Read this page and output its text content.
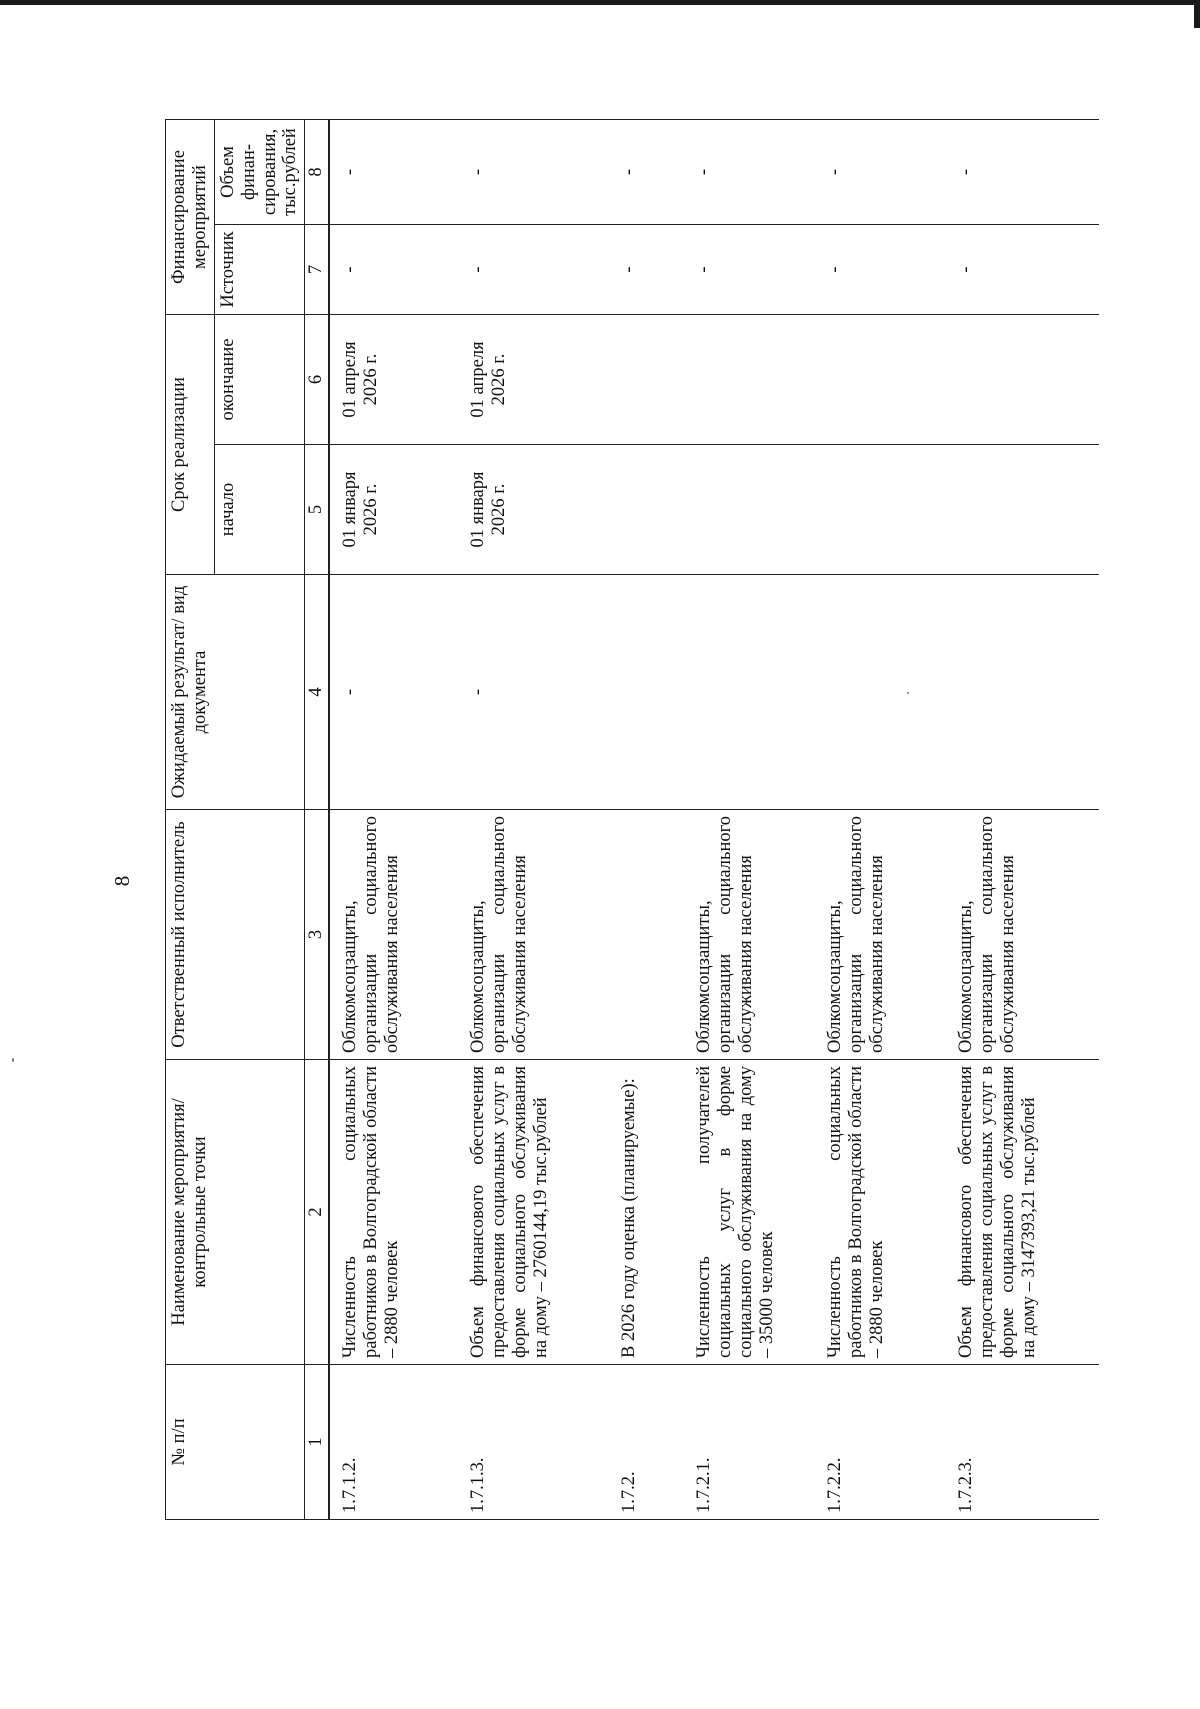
8
№ п/п	Наименование мероприятия/ контрольные точки	Ответственный исполнитель	Ожидаемый результат/ вид документа	Срок реализации		Финансирование мероприятий	
				начало	окончание	Источник	Объем финан- сирования, тыс.рублей
1	2	3	4	5	6	7	8
1.7.1.2.	Численность социальных работников в Волгоградской области – 2880 человек	Облкомсоцзащиты, организации социального обслуживания населения	-	01 января 2026 г.	01 апреля 2026 г.	-	-
1.7.1.3.	Объем финансового обеспечения предоставления социальных услуг в форме социального обслуживания на дому – 2760144,19 тыс.рублей	Облкомсоцзащиты, организации социального обслуживания населения	-	01 января 2026 г.	01 апреля 2026 г.	-	-
1.7.2.	В 2026 году оценка (планируемые):					-	-
1.7.2.1.	Численность получателей социальных услуг в форме социального обслуживания на дому – 35000 человек	Облкомсоцзащиты, организации социального обслуживания населения				-	-
1.7.2.2.	Численность социальных работников в Волгоградской области – 2880 человек	Облкомсоцзащиты, организации социального обслуживания населения				-	-
1.7.2.3.	Объем финансового обеспечения предоставления социальных услуг в форме социального обслуживания на дому – 3147393,21 тыс.рублей	Облкомсоцзащиты, организации социального обслуживания населения				-	-
